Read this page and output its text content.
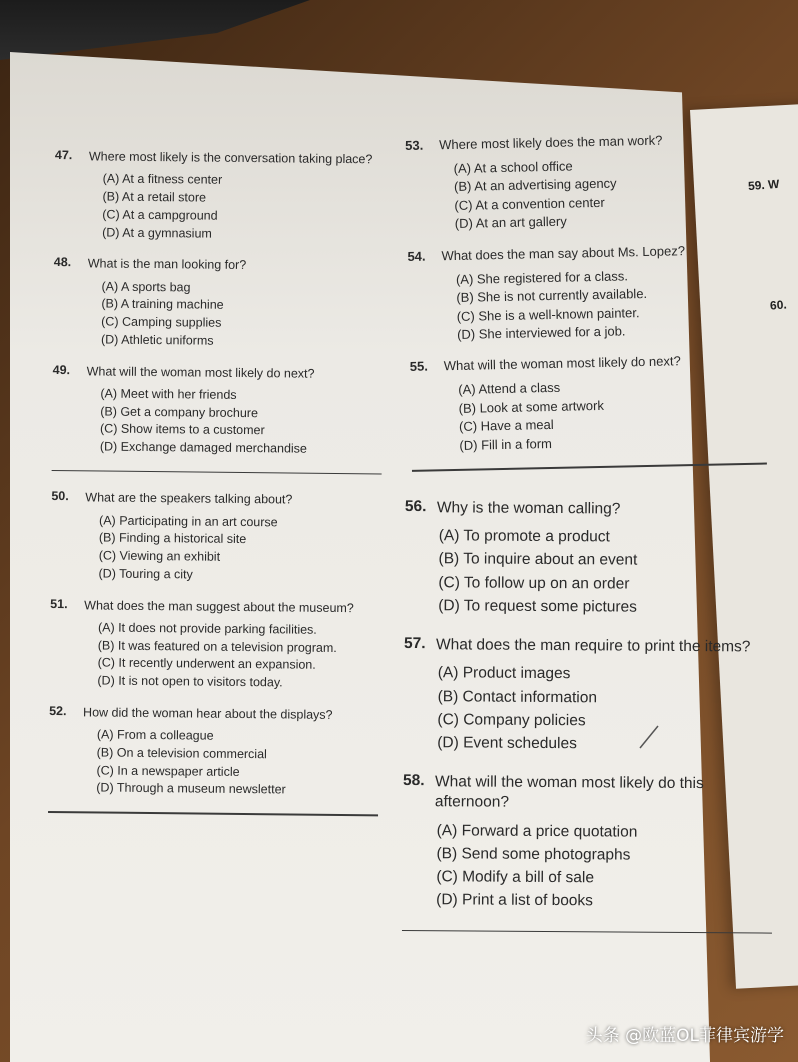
59. W
60.
47. Where most likely is the conversation taking place?
(A) At a fitness center
(B) At a retail store
(C) At a campground
(D) At a gymnasium
48. What is the man looking for?
(A) A sports bag
(B) A training machine
(C) Camping supplies
(D) Athletic uniforms
49. What will the woman most likely do next?
(A) Meet with her friends
(B) Get a company brochure
(C) Show items to a customer
(D) Exchange damaged merchandise
50. What are the speakers talking about?
(A) Participating in an art course
(B) Finding a historical site
(C) Viewing an exhibit
(D) Touring a city
51. What does the man suggest about the museum?
(A) It does not provide parking facilities.
(B) It was featured on a television program.
(C) It recently underwent an expansion.
(D) It is not open to visitors today.
52. How did the woman hear about the displays?
(A) From a colleague
(B) On a television commercial
(C) In a newspaper article
(D) Through a museum newsletter
53. Where most likely does the man work?
(A) At a school office
(B) At an advertising agency
(C) At a convention center
(D) At an art gallery
54. What does the man say about Ms. Lopez?
(A) She registered for a class.
(B) She is not currently available.
(C) She is a well-known painter.
(D) She interviewed for a job.
55. What will the woman most likely do next?
(A) Attend a class
(B) Look at some artwork
(C) Have a meal
(D) Fill in a form
56. Why is the woman calling?
(A) To promote a product
(B) To inquire about an event
(C) To follow up on an order
(D) To request some pictures
57. What does the man require to print the items?
(A) Product images
(B) Contact information
(C) Company policies
(D) Event schedules
58. What will the woman most likely do this afternoon?
(A) Forward a price quotation
(B) Send some photographs
(C) Modify a bill of sale
(D) Print a list of books
头条 @欧蓝OL菲律宾游学
